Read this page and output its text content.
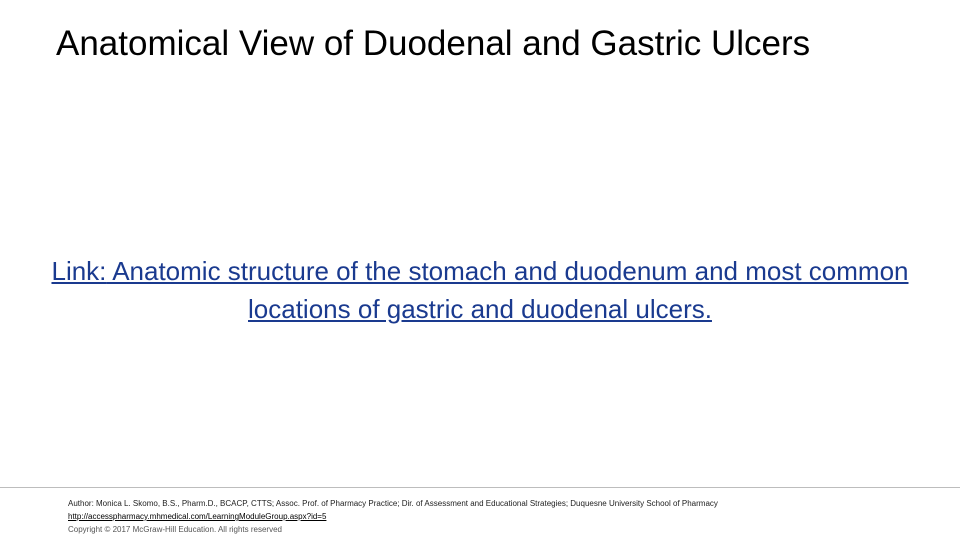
Anatomical View of Duodenal and Gastric Ulcers
Link: Anatomic structure of the stomach and duodenum and most common locations of gastric and duodenal ulcers.
Author: Monica L. Skomo, B.S., Pharm.D., BCACP, CTTS; Assoc. Prof. of Pharmacy Practice; Dir. of Assessment and Educational Strategies; Duquesne University School of Pharmacy
http://accesspharmacy.mhmedical.com/LearningModuleGroup.aspx?id=5
Copyright © 2017 McGraw-Hill Education. All rights reserved
